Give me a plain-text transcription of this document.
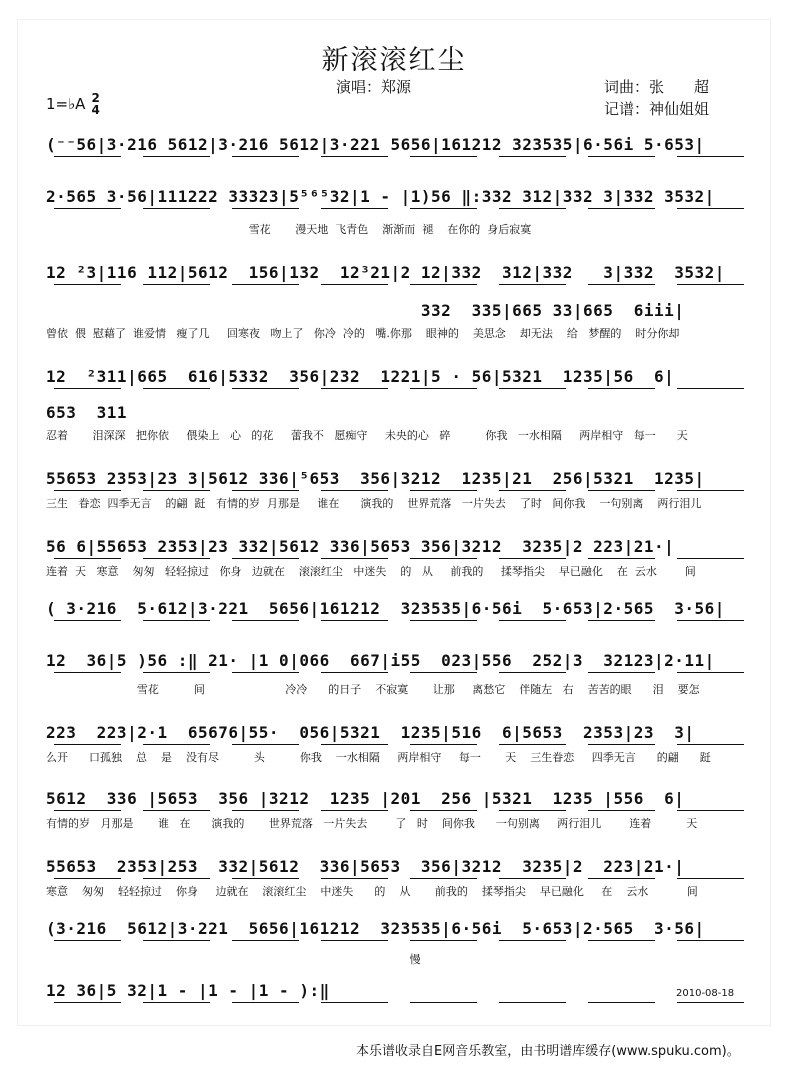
新滚滚红尘
演唱：郑源	词曲：张　　超
记谱：神仙姐姐
1=♭A 2
4
(⁻⁻56|3·216 5612|3·216 5612|3·221 5656|161212 323535|6·56i 5·653|
2·565 3·56|111222 33323|5⁵⁶⁵32|1 - |1)56 ‖:332 312|332 3|332 3532|
雪花       漫天地  飞青色    渐渐而  褪    在你的  身后寂寞
12 ²3|116 112|5612  156|132  12³21|2 12|332  312|332   3|332  3532|
332  335|665 33|665  6iii|
曾依  偎  慰藉了  谁爱情   瘦了几     回寒夜   吻上了   你冷  冷的   嘴.你那    眼神的    美思念    却无法    给   梦醒的    时分你却
12  ²311|665  616|5332  356|232  1221|5 · 56|5321  1235|56  6|
653  311
忍着       泪深深   把你依     偎染上   心   的花     蕾我不   愿痴守     未央的心   碎          你我   一水相隔     两岸相守   每一      天
55653 2353|23 3|5612 336|⁵653  356|3212  1235|21  256|5321  1235|
三生   眷恋  四季无言    的翩  跹   有情的岁  月那是     谁在      演我的    世界荒落   一片失去    了时   间你我    一句别离    两行泪儿
56 6|55653 2353|23 332|5612 336|5653 356|3212  3235|2 223|21·|
连着  天   寒意    匆匆   轻轻掠过   你身   边就在    滚滚红尘   中迷失    的   从     前我的     揉琴指尖    早已融化    在  云水        间
( 3·216  5·612|3·221  5656|161212  323535|6·56i  5·653|2·565  3·56|
12  36|5 )56 :‖ 21· |1 0|066  667|i55  023|556  252|3  32123|2·11|
雪花          间                       冷冷      的日子    不寂寞       让那     离愁它    伴随左   右    苦苦的眼      泪    要怎
223  223|2·1  65676|55·  056|5321  1235|516  6|5653  2353|23  3|
么开      口孤独    总    是    没有尽          头          你我    一水相隔     两岸相守     每一       天    三生眷恋     四季无言      的翩      跹
5612  336 |5653  356 |3212  1235 |201  256 |5321  1235 |556  6|
有情的岁   月那是       谁   在      演我的       世界荒落   一片失去        了   时    间你我      一句别离     两行泪儿        连着          天
55653  2353|253  332|5612  336|5653  356|3212  3235|2  223|21·|
寒意    匆匆    轻轻掠过    你身     边就在    滚滚红尘    中迷失      的    从       前我的    揉琴指尖    早已融化     在    云水           间
(3·216  5612|3·221  5656|161212  323535|6·56i  5·653|2·565  3·56|
慢
12 36|5 32|1 - |1 - |1 - ):‖	2010-08-18
本乐谱收录自E网音乐教室，由书明谱库缓存(www.spuku.com)。
